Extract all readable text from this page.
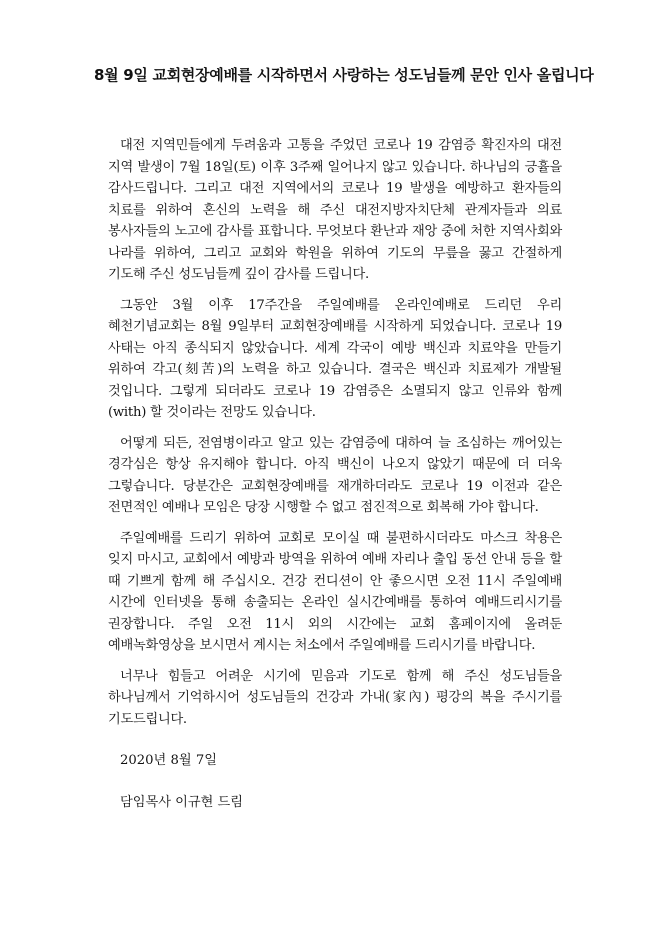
8월 9일 교회현장예배를 시작하면서 사랑하는 성도님들께 문안 인사 올립니다

대전 지역민들에게 두려움과 고통을 주었던 코로나 19 감염증 확진자의 대전 지역 발생이 7월 18일(토) 이후 3주째 일어나지 않고 있습니다. 하나님의 긍휼을 감사드립니다. 그리고 대전 지역에서의 코로나 19 발생을 예방하고 환자들의 치료를 위하여 혼신의 노력을 해 주신 대전지방자치단체 관계자들과 의료 봉사자들의 노고에 감사를 표합니다. 무엇보다 환난과 재앙 중에 처한 지역사회와 나라를 위하여, 그리고 교회와 학원을 위하여 기도의 무릎을 꿇고 간절하게 기도해 주신 성도님들께 깊이 감사를 드립니다.

그동안 3월 이후 17주간을 주일예배를 온라인예배로 드리던 우리 혜천기념교회는 8월 9일부터 교회현장예배를 시작하게 되었습니다. 코로나 19 사태는 아직 종식되지 않았습니다. 세계 각국이 예방 백신과 치료약을 만들기 위하여 각고(刻苦)의 노력을 하고 있습니다. 결국은 백신과 치료제가 개발될 것입니다. 그렇게 되더라도 코로나 19 감염증은 소멸되지 않고 인류와 함께(with) 할 것이라는 전망도 있습니다.

어떻게 되든, 전염병이라고 알고 있는 감염증에 대하여 늘 조심하는 깨어있는 경각심은 항상 유지해야 합니다. 아직 백신이 나오지 않았기 때문에 더 더욱 그렇습니다. 당분간은 교회현장예배를 재개하더라도 코로나 19 이전과 같은 전면적인 예배나 모임은 당장 시행할 수 없고 점진적으로 회복해 가야 합니다.

주일예배를 드리기 위하여 교회로 모이실 때 불편하시더라도 마스크 착용은 잊지 마시고, 교회에서 예방과 방역을 위하여 예배 자리나 출입 동선 안내 등을 할 때 기쁘게 함께 해 주십시오. 건강 컨디션이 안 좋으시면 오전 11시 주일예배 시간에 인터넷을 통해 송출되는 온라인 실시간예배를 통하여 예배드리시기를 권장합니다. 주일 오전 11시 외의 시간에는 교회 홈페이지에 올려둔 예배녹화영상을 보시면서 계시는 처소에서 주일예배를 드리시기를 바랍니다.

너무나 힘들고 어려운 시기에 믿음과 기도로 함께 해 주신 성도님들을 하나님께서 기억하시어 성도님들의 건강과 가내(家內) 평강의 복을 주시기를 기도드립니다.

2020년 8월 7일
담임목사 이규현 드림
